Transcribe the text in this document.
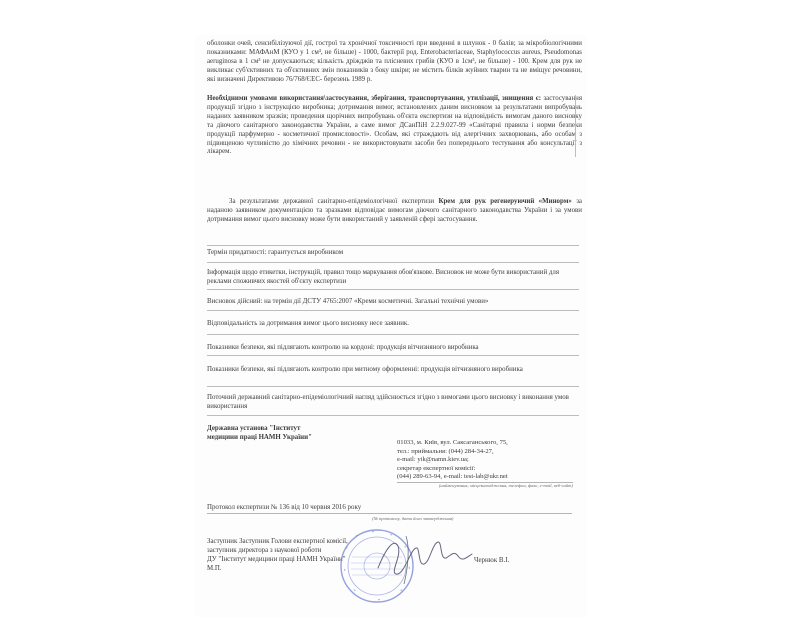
оболонки очей, сенсибілізуючої дії, гострої та хронічної токсичності при введенні в шлунок - 0 балів; за мікробіологічними показниками: МАФАнМ (КУО у 1 см³, не більше) - 1000, бактерії род. Enterobacteriaceae, Staphylococcus aureus, Pseudomonas aeruginosa в 1 см³ не допускаються; кількість дріжджів та плісневих грибів (КУО в 1см³, не більше) - 100. Крем для рук не викликає суб'єктивних та об'єктивних змін показників з боку шкіри; не містить білків жуйних тварин та не вміщує речовини, які визначені Директивою 76/768/ЄЕС- березень 1989 р.
Необхідними умовами використання\застосування, зберігання, транспортування, утилізації, знищення є: застосування продукції згідно з інструкцією виробника; дотримання вимог, встановлених даним висновком за результатами випробувань наданих заявником зразків; проведення щорічних випробувань об'єкта експертизи на відповідність вимогам даного висновку та діючого санітарного законодавства України, а саме вимог ДСанПіН 2.2.9.027-99 «Санітарні правила і норми безпеки продукції парфумерно - косметичної промисловості». Особам, які страждають від алергічних захворювань, або особам з підвищеною чутливістю до хімічних речовин - не використовувати засоби без попереднього тестування або консультації з лікарем.
За результатами державної санітарно-епідеміологічної експертизи Крем для рук регенеруючий «Минорм» за наданою заявником документацією та зразками відповідає вимогам діючого санітарного законодавства України і за умови дотримання вимог цього висновку може бути використаний у заявленій сфері застосування.
Термін придатності: гарантується виробником
Інформація щодо етикетки, інструкцій, правил тощо маркування обов'язкове. Висновок не може бути використаний для реклами споживчих якостей об'єкту експертизи
Висновок дійсний: на термін дії ДСТУ 4765:2007 «Креми косметичні. Загальні технічні умови»
Відповідальність за дотримання вимог цього висновку несе заявник.
Показники безпеки, які підлягають контролю на кордоні: продукція вітчизняного виробника
Показники безпеки, які підлягають контролю при митному оформленні: продукція вітчизняного виробника
Поточний державний санітарно-епідеміологічний нагляд здійснюється згідно з вимогами цього висновку і виконання умов використання
Державна установа "Інститут
медицини праці НАМН України"
01033, м. Київ, вул. Саксаганського, 75,
тел.: приймальня: (044) 284-34-27,
e-mail: yik@namn.kiev.ua;
секретар експертної комісії:
(044) 289-63-94, e-mail: test-lab@ukr.net
(найменування, місцезнаходження, телефон, факс, e-mail, веб-сайт)
Протокол експертизи № 136 від 10 червня 2016 року
(№ протоколу, дата його затвердження)
Заступник Заступник Голови експертної комісії,
заступник директора з наукової роботи
ДУ "Інститут медицини праці НАМН України"
М.П.
Чернюк В.І.
